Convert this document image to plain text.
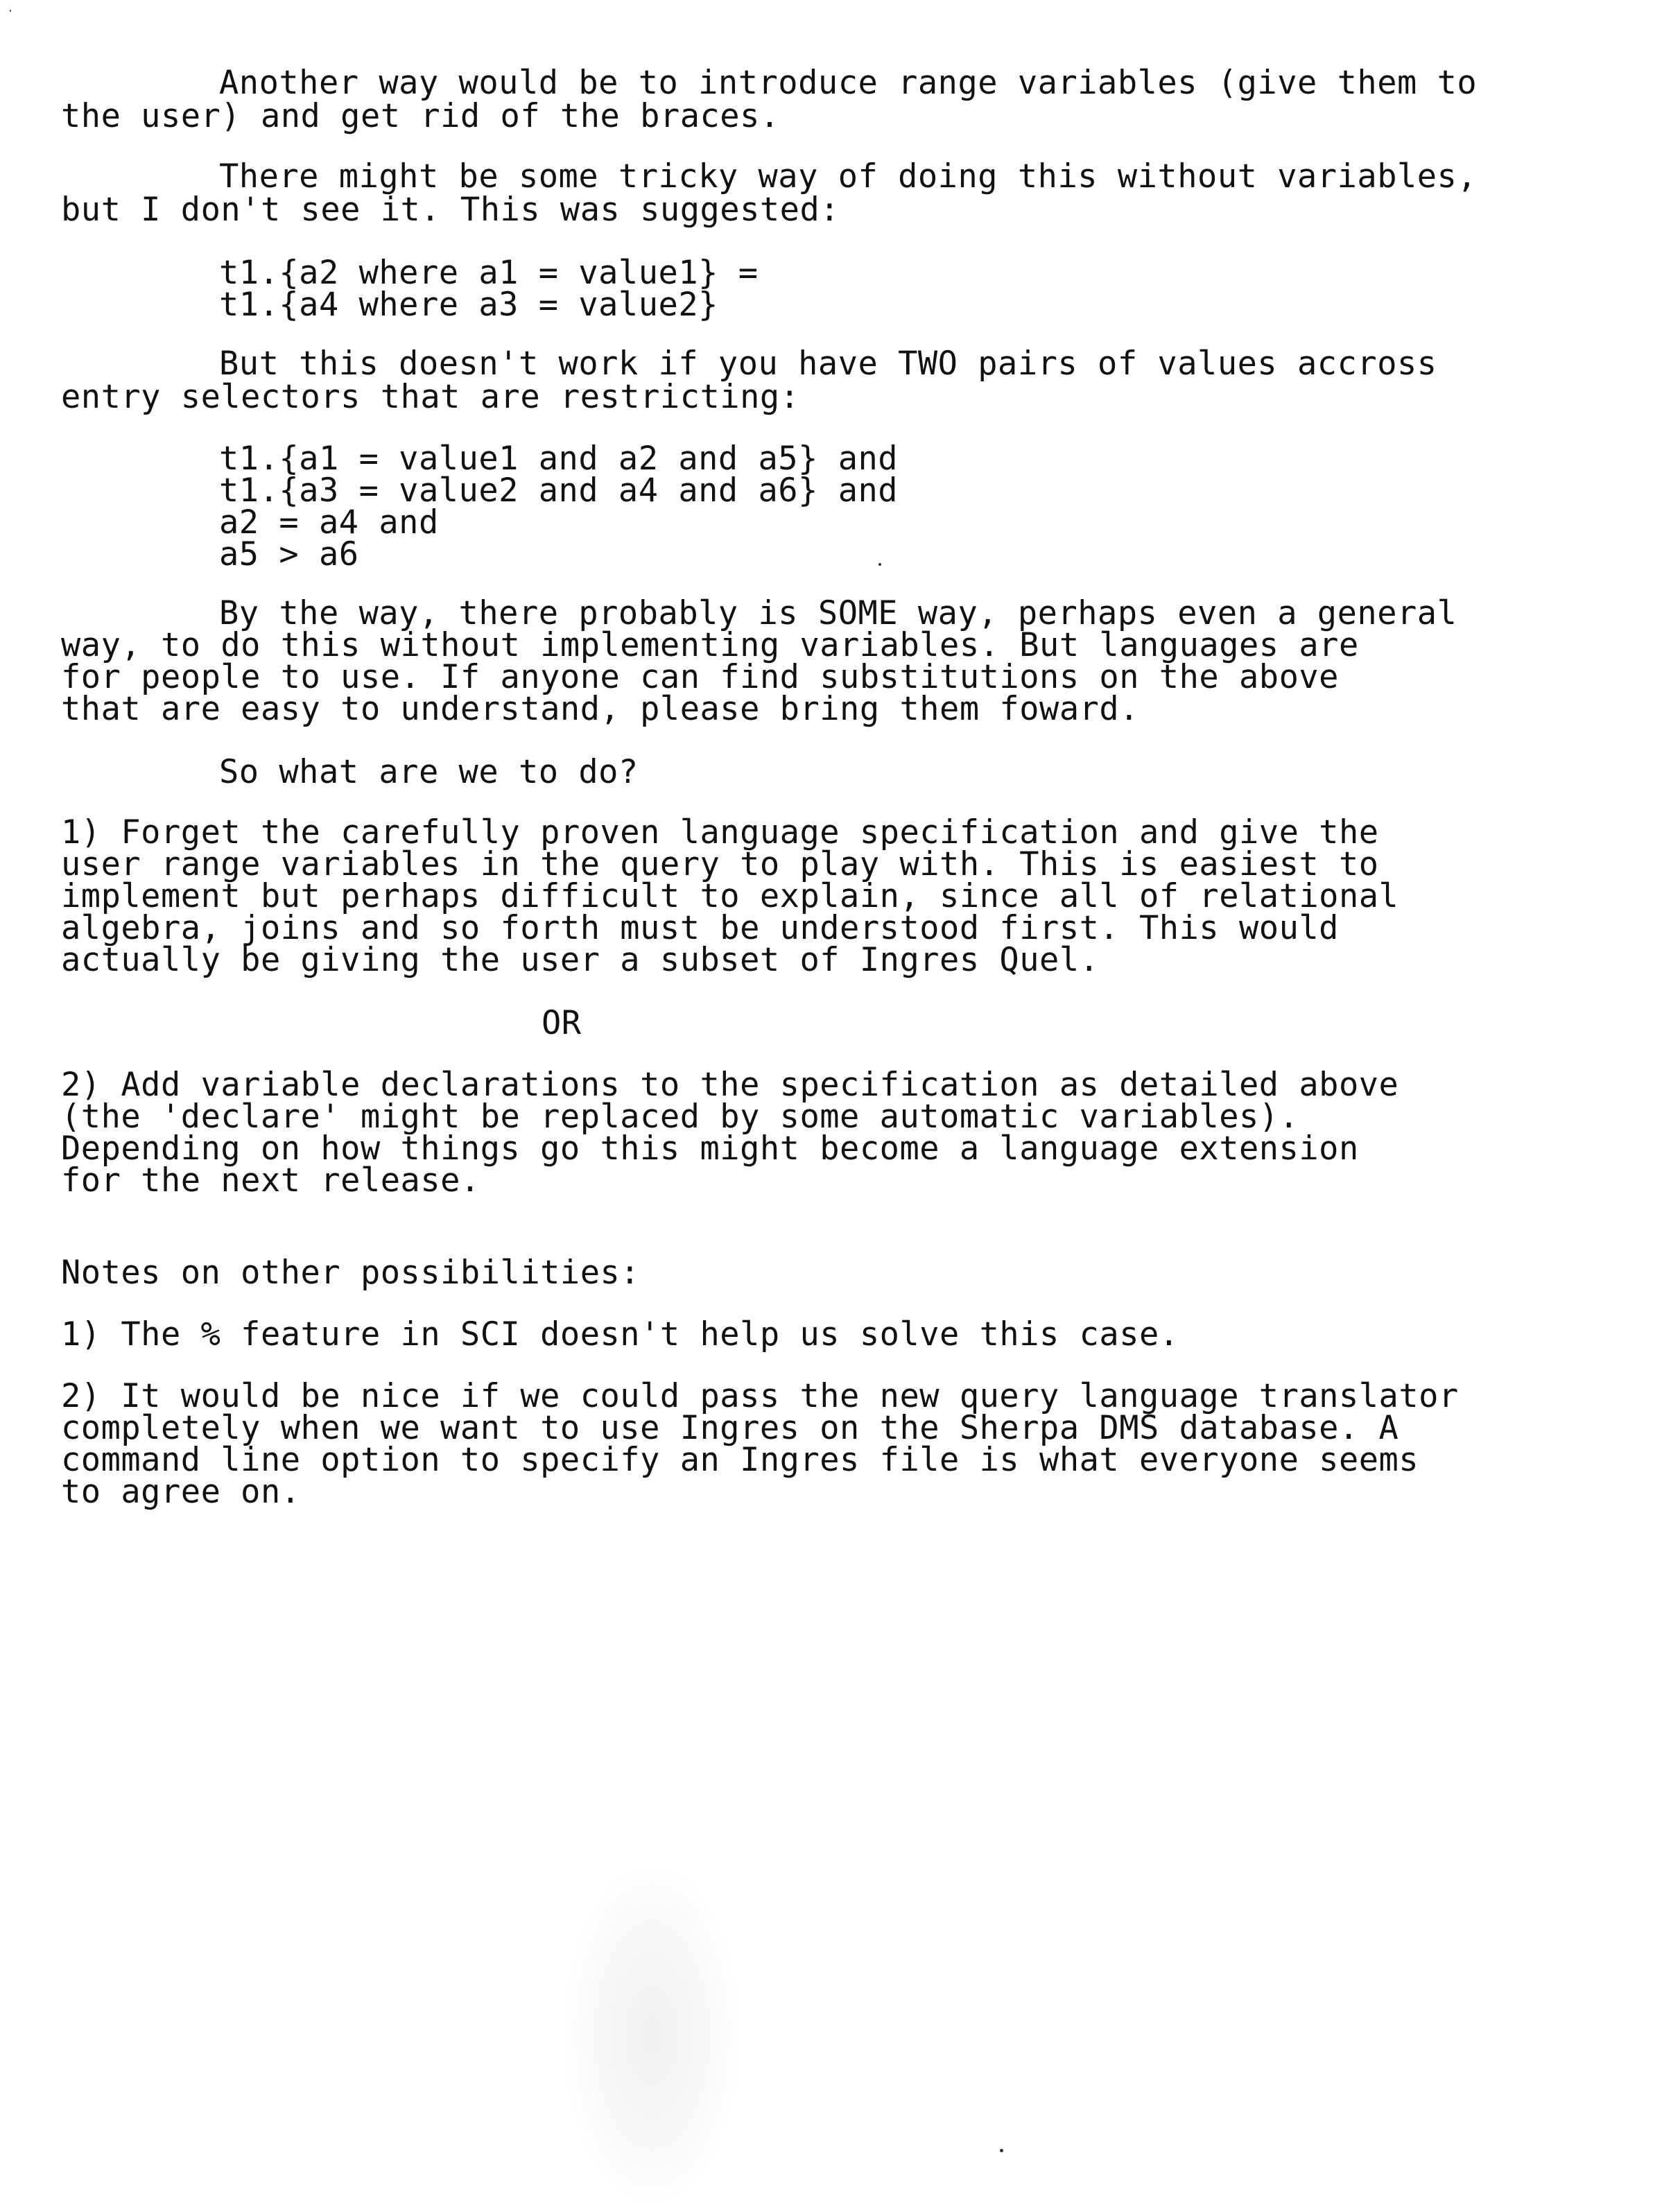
Another way would be to introduce range variables (give them to
the user) and get rid of the braces.
There might be some tricky way of doing this without variables,
but I don't see it. This was suggested:
t1.{a2 where a1 = value1} =
t1.{a4 where a3 = value2}
But this doesn't work if you have TWO pairs of values accross
entry selectors that are restricting:
t1.{a1 = value1 and a2 and a5} and
t1.{a3 = value2 and a4 and a6} and
a2 = a4 and
a5 > a6
By the way, there probably is SOME way, perhaps even a general
way, to do this without implementing variables. But languages are
for people to use. If anyone can find substitutions on the above
that are easy to understand, please bring them foward.
So what are we to do?
1) Forget the carefully proven language specification and give the
user range variables in the query to play with. This is easiest to
implement but perhaps difficult to explain, since all of relational
algebra, joins and so forth must be understood first. This would
actually be giving the user a subset of Ingres Quel.
OR
2) Add variable declarations to the specification as detailed above
(the 'declare' might be replaced by some automatic variables).
Depending on how things go this might become a language extension
for the next release.
Notes on other possibilities:
1) The % feature in SCI doesn't help us solve this case.
2) It would be nice if we could pass the new query language translator
completely when we want to use Ingres on the Sherpa DMS database. A
command line option to specify an Ingres file is what everyone seems
to agree on.
